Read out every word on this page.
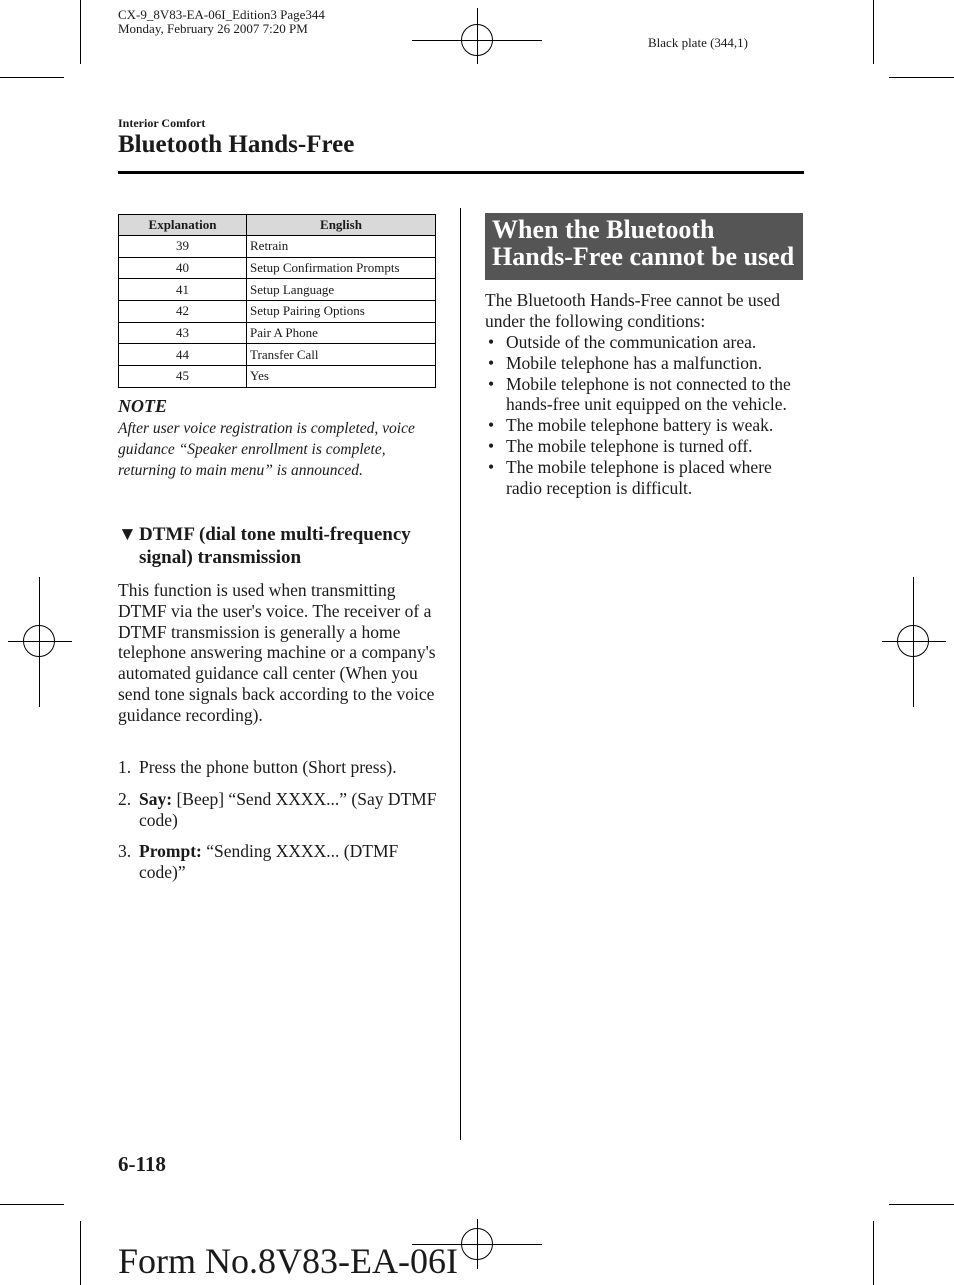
CX-9_8V83-EA-06I_Edition3 Page344
Monday, February 26 2007 7:20 PM
Black plate (344,1)
Interior Comfort
Bluetooth Hands-Free
Explanation	English
39	Retrain
40	Setup Confirmation Prompts
41	Setup Language
42	Setup Pairing Options
43	Pair A Phone
44	Transfer Call
45	Yes
NOTE
After user voice registration is completed, voice guidance “Speaker enrollment is complete, returning to main menu” is announced.
▼ DTMF (dial tone multi-frequency signal) transmission
This function is used when transmitting DTMF via the user's voice. The receiver of a DTMF transmission is generally a home telephone answering machine or a company's automated guidance call center (When you send tone signals back according to the voice guidance recording).
1. Press the phone button (Short press).
2. Say: [Beep] “Send XXXX...” (Say DTMF code)
3. Prompt: “Sending XXXX... (DTMF code)”
When the Bluetooth Hands-Free cannot be used
The Bluetooth Hands-Free cannot be used under the following conditions:
• Outside of the communication area.
• Mobile telephone has a malfunction.
• Mobile telephone is not connected to the hands-free unit equipped on the vehicle.
• The mobile telephone battery is weak.
• The mobile telephone is turned off.
• The mobile telephone is placed where radio reception is difficult.
6-118
Form No.8V83-EA-06I
